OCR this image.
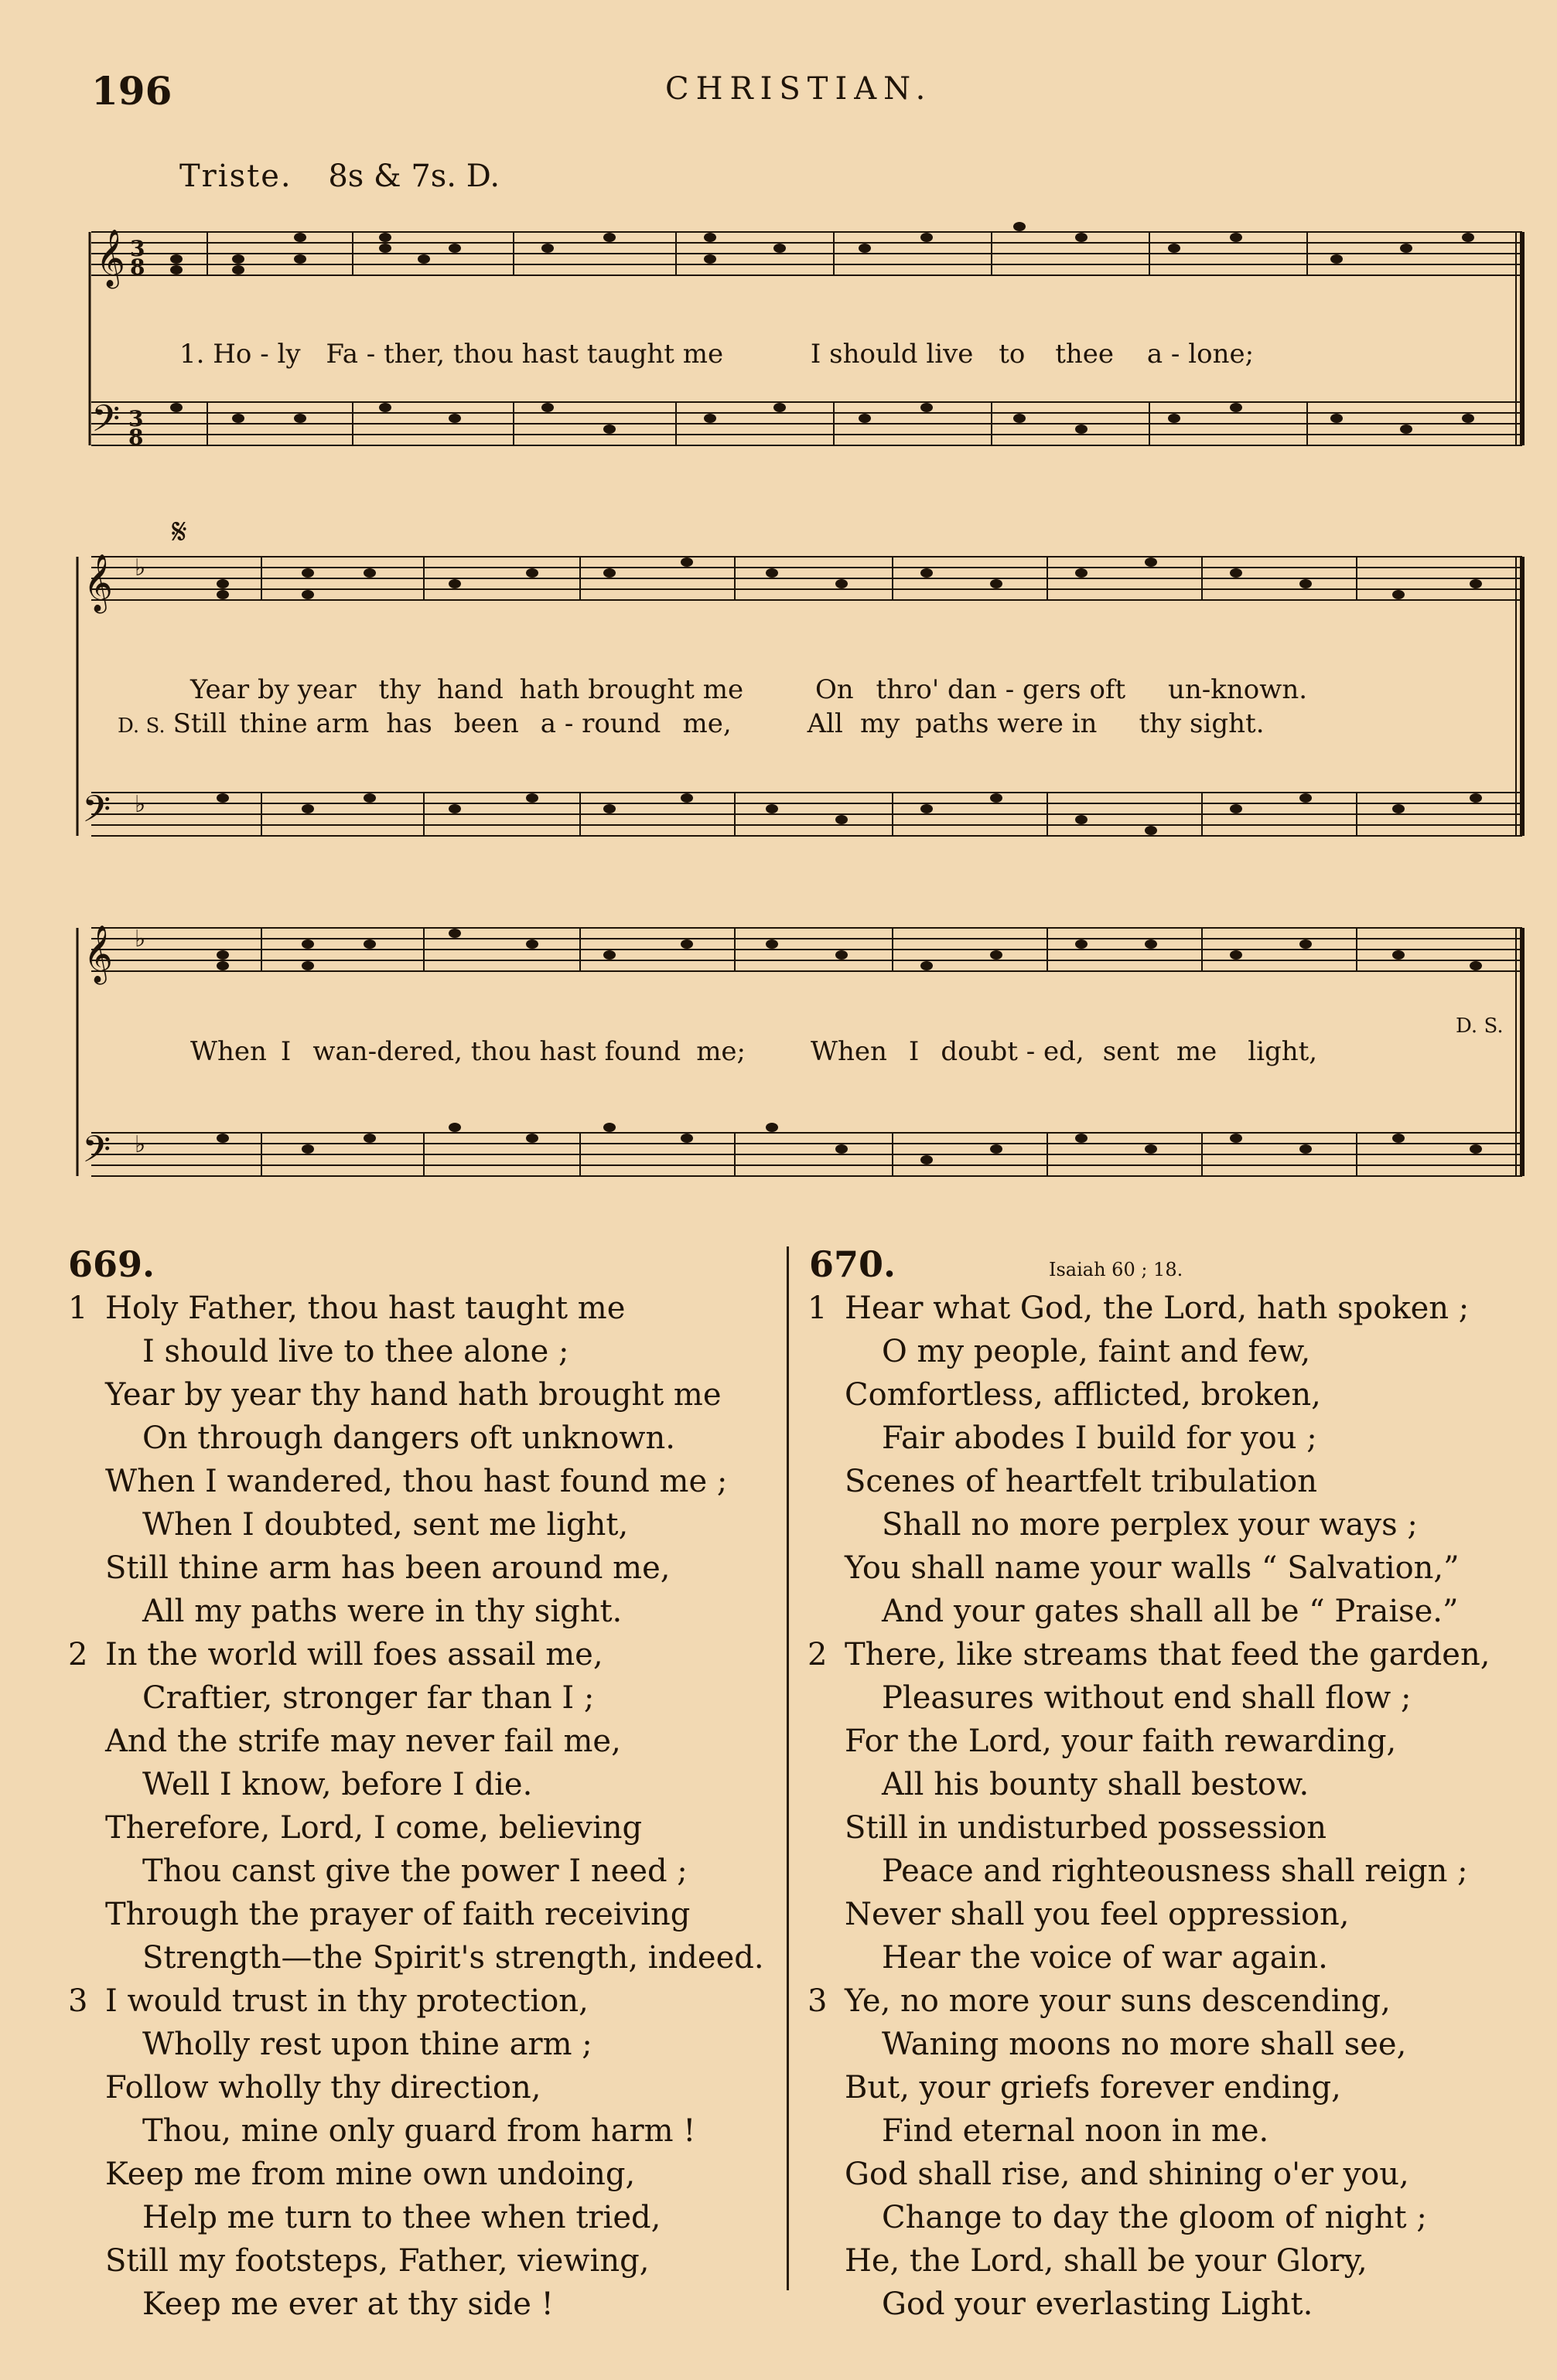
196	CHRISTIAN.
Triste. 8s & 7s. D.
𝄞
𝄢
3
8
3
8
1. Ho - ly Fa - ther, thou hast taught me	I should live to thee a - lone;
𝄋
𝄞
𝄢
♭
♭
Year by year thy hand hath brought me	On thro' dan - gers oft un-known.
D. S. Still thine arm has been a - round me,	All my paths were in thy sight.
𝄞
𝄢
♭
♭
D. S.
When I wan-dered, thou hast found me; When I doubt - ed, sent me light,
669.
1 Holy Father, thou hast taught me
I should live to thee alone ;
Year by year thy hand hath brought me
On through dangers oft unknown.
When I wandered, thou hast found me ;
When I doubted, sent me light,
Still thine arm has been around me,
All my paths were in thy sight.
2 In the world will foes assail me,
Craftier, stronger far than I ;
And the strife may never fail me,
Well I know, before I die.
Therefore, Lord, I come, believing
Thou canst give the power I need ;
Through the prayer of faith receiving
Strength—the Spirit's strength, indeed.
3 I would trust in thy protection,
Wholly rest upon thine arm ;
Follow wholly thy direction,
Thou, mine only guard from harm !
Keep me from mine own undoing,
Help me turn to thee when tried,
Still my footsteps, Father, viewing,
Keep me ever at thy side !
670.	Isaiah 60 ; 18.
1 Hear what God, the Lord, hath spoken ;
O my people, faint and few,
Comfortless, afflicted, broken,
Fair abodes I build for you ;
Scenes of heartfelt tribulation
Shall no more perplex your ways ;
You shall name your walls “ Salvation,”
And your gates shall all be “ Praise.”
2 There, like streams that feed the garden,
Pleasures without end shall flow ;
For the Lord, your faith rewarding,
All his bounty shall bestow.
Still in undisturbed possession
Peace and righteousness shall reign ;
Never shall you feel oppression,
Hear the voice of war again.
3 Ye, no more your suns descending,
Waning moons no more shall see,
But, your griefs forever ending,
Find eternal noon in me.
God shall rise, and shining o'er you,
Change to day the gloom of night ;
He, the Lord, shall be your Glory,
God your everlasting Light.
